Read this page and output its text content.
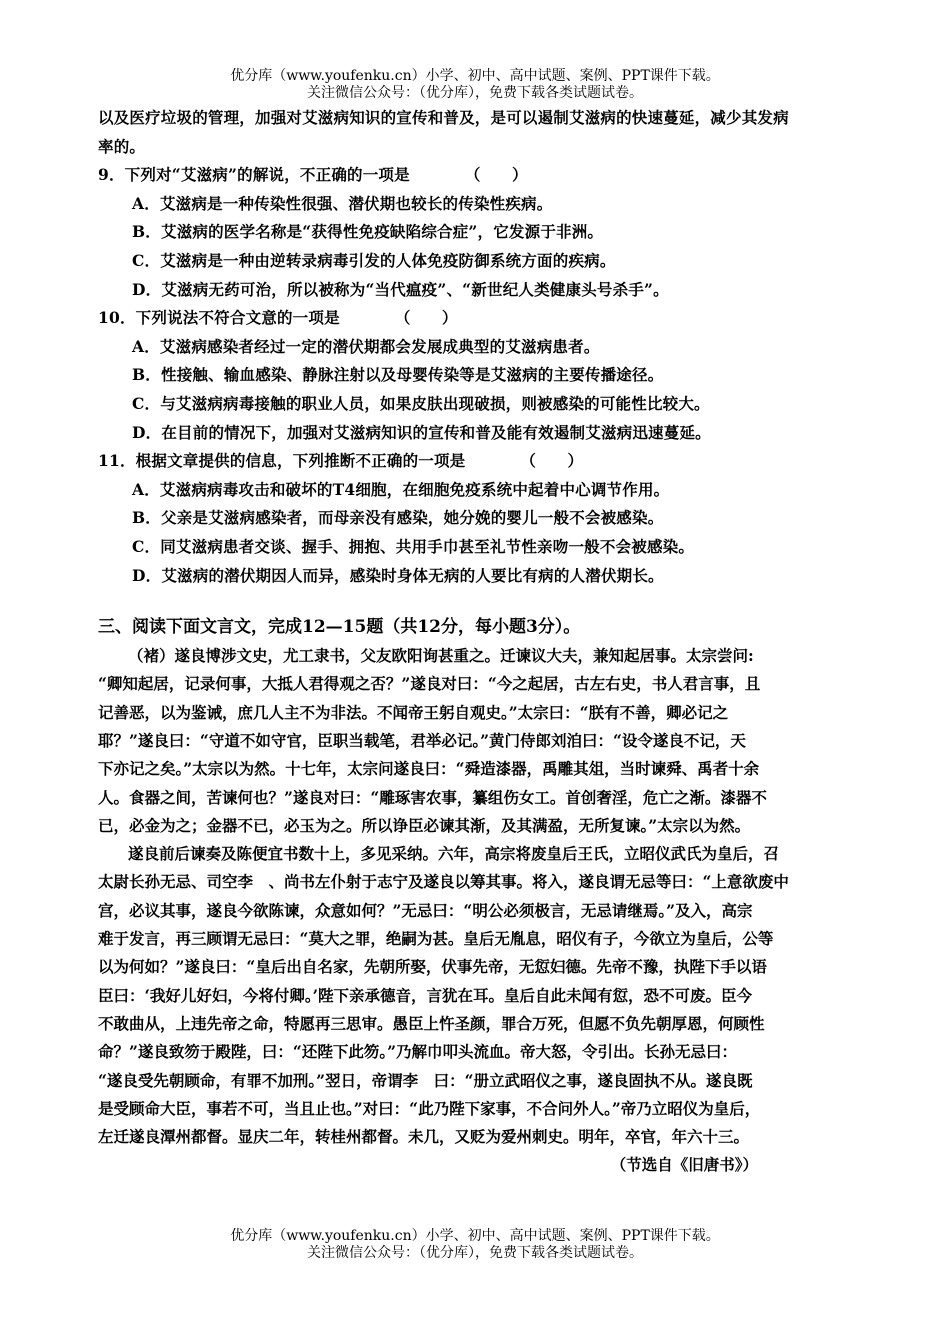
优分库（www.youfenku.cn）小学、初中、高中试题、案例、PPT课件下载。
关注微信公众号：（优分库），免费下载各类试题试卷。
以及医疗垃圾的管理，加强对艾滋病知识的宣传和普及，是可以遏制艾滋病的快速蔓延，减少其发病
率的。
9．下列对“艾滋病”的解说，不正确的一项是　　　　（　　）
A．艾滋病是一种传染性很强、潜伏期也较长的传染性疾病。
B．艾滋病的医学名称是“获得性免疫缺陷综合症”，它发源于非洲。
C．艾滋病是一种由逆转录病毒引发的人体免疫防御系统方面的疾病。
D．艾滋病无药可治，所以被称为“当代瘟疫”、“新世纪人类健康头号杀手”。
10．下列说法不符合文意的一项是　　　　（　　）
A．艾滋病感染者经过一定的潜伏期都会发展成典型的艾滋病患者。
B．性接触、输血感染、静脉注射以及母婴传染等是艾滋病的主要传播途径。
C．与艾滋病病毒接触的职业人员，如果皮肤出现破损，则被感染的可能性比较大。
D．在目前的情况下，加强对艾滋病知识的宣传和普及能有效遏制艾滋病迅速蔓延。
11．根据文章提供的信息，下列推断不正确的一项是　　　　（　　）
A．艾滋病病毒攻击和破坏的T4细胞，在细胞免疫系统中起着中心调节作用。
B．父亲是艾滋病感染者，而母亲没有感染，她分娩的婴儿一般不会被感染。
C．同艾滋病患者交谈、握手、拥抱、共用手巾甚至礼节性亲吻一般不会被感染。
D．艾滋病的潜伏期因人而异，感染时身体无病的人要比有病的人潜伏期长。
三、阅读下面文言文，完成12—15题（共12分，每小题3分）。
（褚）遂良博涉文史，尤工隶书，父友欧阳询甚重之。迁谏议大夫，兼知起居事。太宗尝问:
“卿知起居，记录何事，大抵人君得观之否？”遂良对曰：“今之起居，古左右史，书人君言事，且
记善恶，以为鉴诫，庶几人主不为非法。不闻帝王躬自观史。”太宗曰：“朕有不善，卿必记之
耶？”遂良曰：“守道不如守官，臣职当载笔，君举必记。”黄门侍郎刘洎曰：“设令遂良不记，天
下亦记之矣。”太宗以为然。十七年，太宗问遂良曰：“舜造漆器，禹雕其俎，当时谏舜、禹者十余
人。食器之间，苦谏何也？”遂良对曰：“雕琢害农事，纂组伤女工。首创奢淫，危亡之渐。漆器不
已，必金为之；金器不已，必玉为之。所以诤臣必谏其渐，及其满盈，无所复谏。”太宗以为然。
遂良前后谏奏及陈便宜书数十上，多见采纳。六年，高宗将废皇后王氏，立昭仪武氏为皇后，召
太尉长孙无忌、司空李　、尚书左仆射于志宁及遂良以筹其事。将入，遂良谓无忌等曰：“上意欲废中
宫，必议其事，遂良今欲陈谏，众意如何？”无忌曰：“明公必须极言，无忌请继焉。”及入，高宗
难于发言，再三顾谓无忌曰：“莫大之罪，绝嗣为甚。皇后无胤息，昭仪有子，今欲立为皇后，公等
以为何如？”遂良曰：“皇后出自名家，先朝所娶，伏事先帝，无愆妇德。先帝不豫，执陛下手以语
臣曰：‘我好儿好妇，今将付卿。’陛下亲承德音，言犹在耳。皇后自此未闻有愆，恐不可废。臣今
不敢曲从，上违先帝之命，特愿再三思审。愚臣上忤圣颜，罪合万死，但愿不负先朝厚恩，何顾性
命？”遂良致笏于殿陛，曰：“还陛下此笏。”乃解巾叩头流血。帝大怒，令引出。长孙无忌曰：
“遂良受先朝顾命，有罪不加刑。”翌日，帝谓李　曰：“册立武昭仪之事，遂良固执不从。遂良既
是受顾命大臣，事若不可，当且止也。”对曰：“此乃陛下家事，不合问外人。”帝乃立昭仪为皇后，
左迁遂良潭州都督。显庆二年，转桂州都督。未几，又贬为爱州刺史。明年，卒官，年六十三。
（节选自《旧唐书》）
优分库（www.youfenku.cn）小学、初中、高中试题、案例、PPT课件下载。
关注微信公众号：（优分库），免费下载各类试题试卷。
